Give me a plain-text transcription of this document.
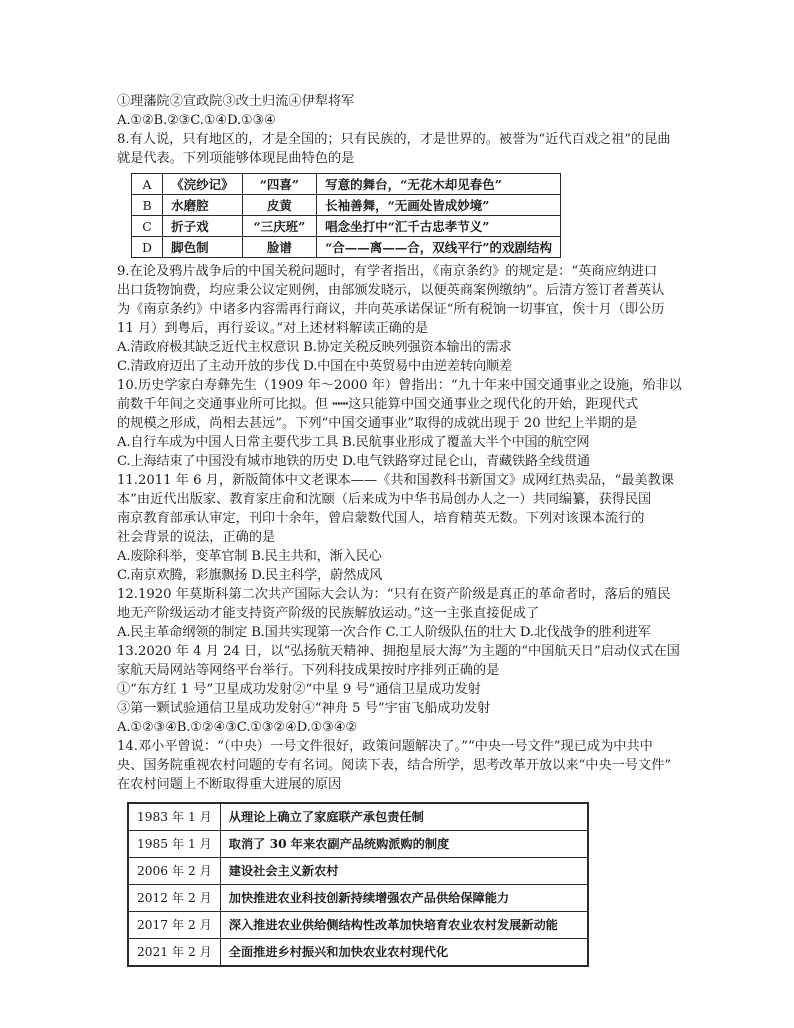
①理藩院②宣政院③改土归流④伊犁将军
A.①②B.②③C.①④D.①③④
8.有人说，只有地区的，才是全国的；只有民族的，才是世界的。被誉为“近代百戏之祖”的昆曲
就是代表。下列项能够体现昆曲特色的是
A	《浣纱记》	“四喜”	写意的舞台，“无花木却见春色”
B	水磨腔	皮黄	长袖善舞，“无画处皆成妙境”
C	折子戏	“三庆班”	唱念坐打中“汇千古忠孝节义”
D	脚色制	脸谱	“合——离——合，双线平行”的戏剧结构
9.在论及鸦片战争后的中国关税问题时，有学者指出，《南京条约》的规定是：“英商应纳进口
出口货物饷费，均应秉公议定则例，由部颁发晓示，以便英商案例缴纳”。后清方签订者耆英认
为《南京条约》中诸多内容需再行商议，并向英承诺保证“所有税饷一切事宜，俟十月（即公历
11 月）到粤后，再行妥议。”对上述材料解读正确的是
A.清政府极其缺乏近代主权意识 B.协定关税反映列强资本输出的需求
C.清政府迈出了主动开放的步伐 D.中国在中英贸易中由逆差转向顺差
10.历史学家白寿彝先生（1909 年～2000 年）曾指出：“九十年来中国交通事业之设施，殆非以
前数千年间之交通事业所可比拟。但 ┅┅这只能算中国交通事业之现代化的开始，距现代式
的规模之形成，尚相去甚远”。下列“中国交通事业”取得的成就出现于 20 世纪上半期的是
A.自行车成为中国人日常主要代步工具 B.民航事业形成了覆盖大半个中国的航空网
C.上海结束了中国没有城市地铁的历史 D.电气铁路穿过昆仑山，青藏铁路全线贯通
11.2011 年 6 月，新版简体中文老课本——《共和国教科书新国文》成网红热卖品，“最美教课
本”由近代出版家、教育家庄俞和沈颐（后来成为中华书局创办人之一）共同编纂，获得民国
南京教育部承认审定，刊印十余年，曾启蒙数代国人，培育精英无数。下列对该课本流行的
社会背景的说法，正确的是
A.废除科举，变革官制 B.民主共和，渐入民心
C.南京欢腾，彩旗飘扬 D.民主科学，蔚然成风
12.1920 年莫斯科第二次共产国际大会认为：“只有在资产阶级是真正的革命者时，落后的殖民
地无产阶级运动才能支持资产阶级的民族解放运动。”这一主张直接促成了
A.民主革命纲领的制定 B.国共实现第一次合作 C.工人阶级队伍的壮大 D.北伐战争的胜利进军
13.2020 年 4 月 24 日，以“弘扬航天精神、拥抱星辰大海”为主题的“中国航天日”启动仪式在国
家航天局网站等网络平台举行。下列科技成果按时序排列正确的是
①“东方红 1 号”卫星成功发射②“中星 9 号”通信卫星成功发射
③第一颗试验通信卫星成功发射④“神舟 5 号”宇宙飞船成功发射
A.①②③④B.①②④③C.①③②④D.①③④②
14.邓小平曾说：“（中央）一号文件很好，政策问题解决了。”“中央一号文件”现已成为中共中
央、国务院重视农村问题的专有名词。阅读下表，结合所学，思考改革开放以来“中央一号文件”
在农村问题上不断取得重大进展的原因
1983 年 1 月	从理论上确立了家庭联产承包责任制
1985 年 1 月	取消了 30 年来农副产品统购派购的制度
2006 年 2 月	建设社会主义新农村
2012 年 2 月	加快推进农业科技创新持续增强农产品供给保障能力
2017 年 2 月	深入推进农业供给侧结构性改革加快培育农业农村发展新动能
2021 年 2 月	全面推进乡村振兴和加快农业农村现代化
